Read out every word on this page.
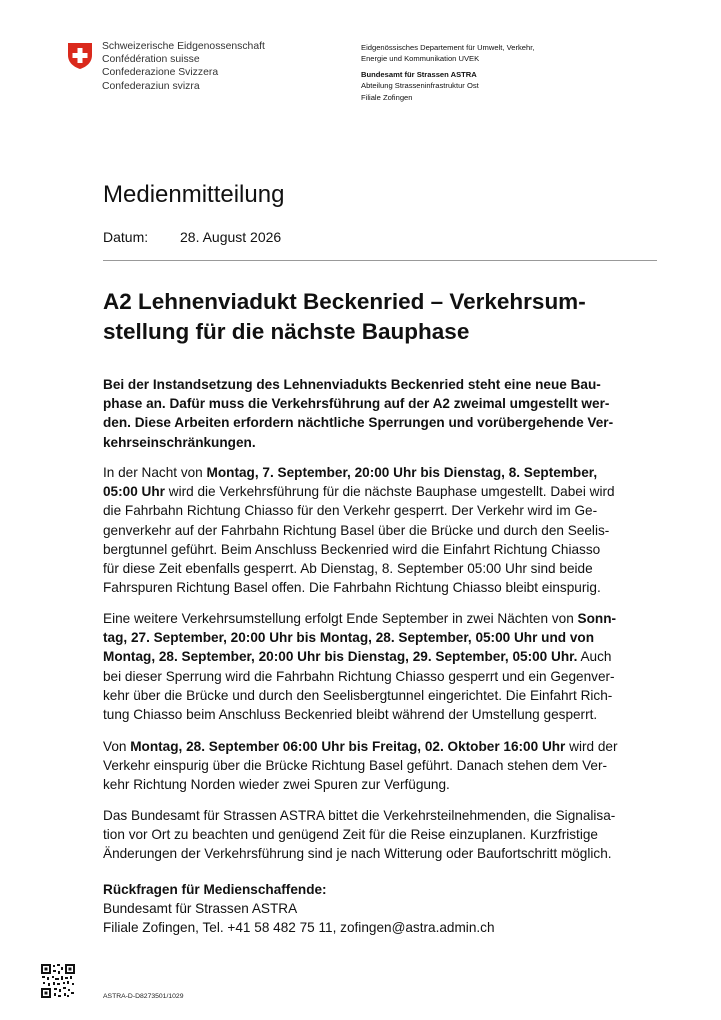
Schweizerische Eidgenossenschaft
Confédération suisse
Confederazione Svizzera
Confederaziun svizra
Eidgenössisches Departement für Umwelt, Verkehr,
Energie und Kommunikation UVEK
Bundesamt für Strassen ASTRA
Abteilung Strasseninfrastruktur Ost
Filiale Zofingen
Medienmitteilung
Datum: 28. August 2026
A2 Lehnenviadukt Beckenried – Verkehrsum-
stellung für die nächste Bauphase
Bei der Instandsetzung des Lehnenviadukts Beckenried steht eine neue Bau-
phase an. Dafür muss die Verkehrsführung auf der A2 zweimal umgestellt wer-
den. Diese Arbeiten erfordern nächtliche Sperrungen und vorübergehende Ver-
kehrseinschränkungen.
In der Nacht von Montag, 7. September, 20:00 Uhr bis Dienstag, 8. September,
05:00 Uhr wird die Verkehrsführung für die nächste Bauphase umgestellt. Dabei wird
die Fahrbahn Richtung Chiasso für den Verkehr gesperrt. Der Verkehr wird im Ge-
genverkehr auf der Fahrbahn Richtung Basel über die Brücke und durch den Seelis-
bergtunnel geführt. Beim Anschluss Beckenried wird die Einfahrt Richtung Chiasso
für diese Zeit ebenfalls gesperrt. Ab Dienstag, 8. September 05:00 Uhr sind beide
Fahrspuren Richtung Basel offen. Die Fahrbahn Richtung Chiasso bleibt einspurig.
Eine weitere Verkehrsumstellung erfolgt Ende September in zwei Nächten von Sonn-
tag, 27. September, 20:00 Uhr bis Montag, 28. September, 05:00 Uhr und von
Montag, 28. September, 20:00 Uhr bis Dienstag, 29. September, 05:00 Uhr. Auch
bei dieser Sperrung wird die Fahrbahn Richtung Chiasso gesperrt und ein Gegenver-
kehr über die Brücke und durch den Seelisbergtunnel eingerichtet. Die Einfahrt Rich-
tung Chiasso beim Anschluss Beckenried bleibt während der Umstellung gesperrt.
Von Montag, 28. September 06:00 Uhr bis Freitag, 02. Oktober 16:00 Uhr wird der
Verkehr einspurig über die Brücke Richtung Basel geführt. Danach stehen dem Ver-
kehr Richtung Norden wieder zwei Spuren zur Verfügung.
Das Bundesamt für Strassen ASTRA bittet die Verkehrsteilnehmenden, die Signalisa-
tion vor Ort zu beachten und genügend Zeit für die Reise einzuplanen. Kurzfristige
Änderungen der Verkehrsführung sind je nach Witterung oder Baufortschritt möglich.
Rückfragen für Medienschaffende:
Bundesamt für Strassen ASTRA
Filiale Zofingen, Tel. +41 58 482 75 11, zofingen@astra.admin.ch
ASTRA-D-D8273501/1029
